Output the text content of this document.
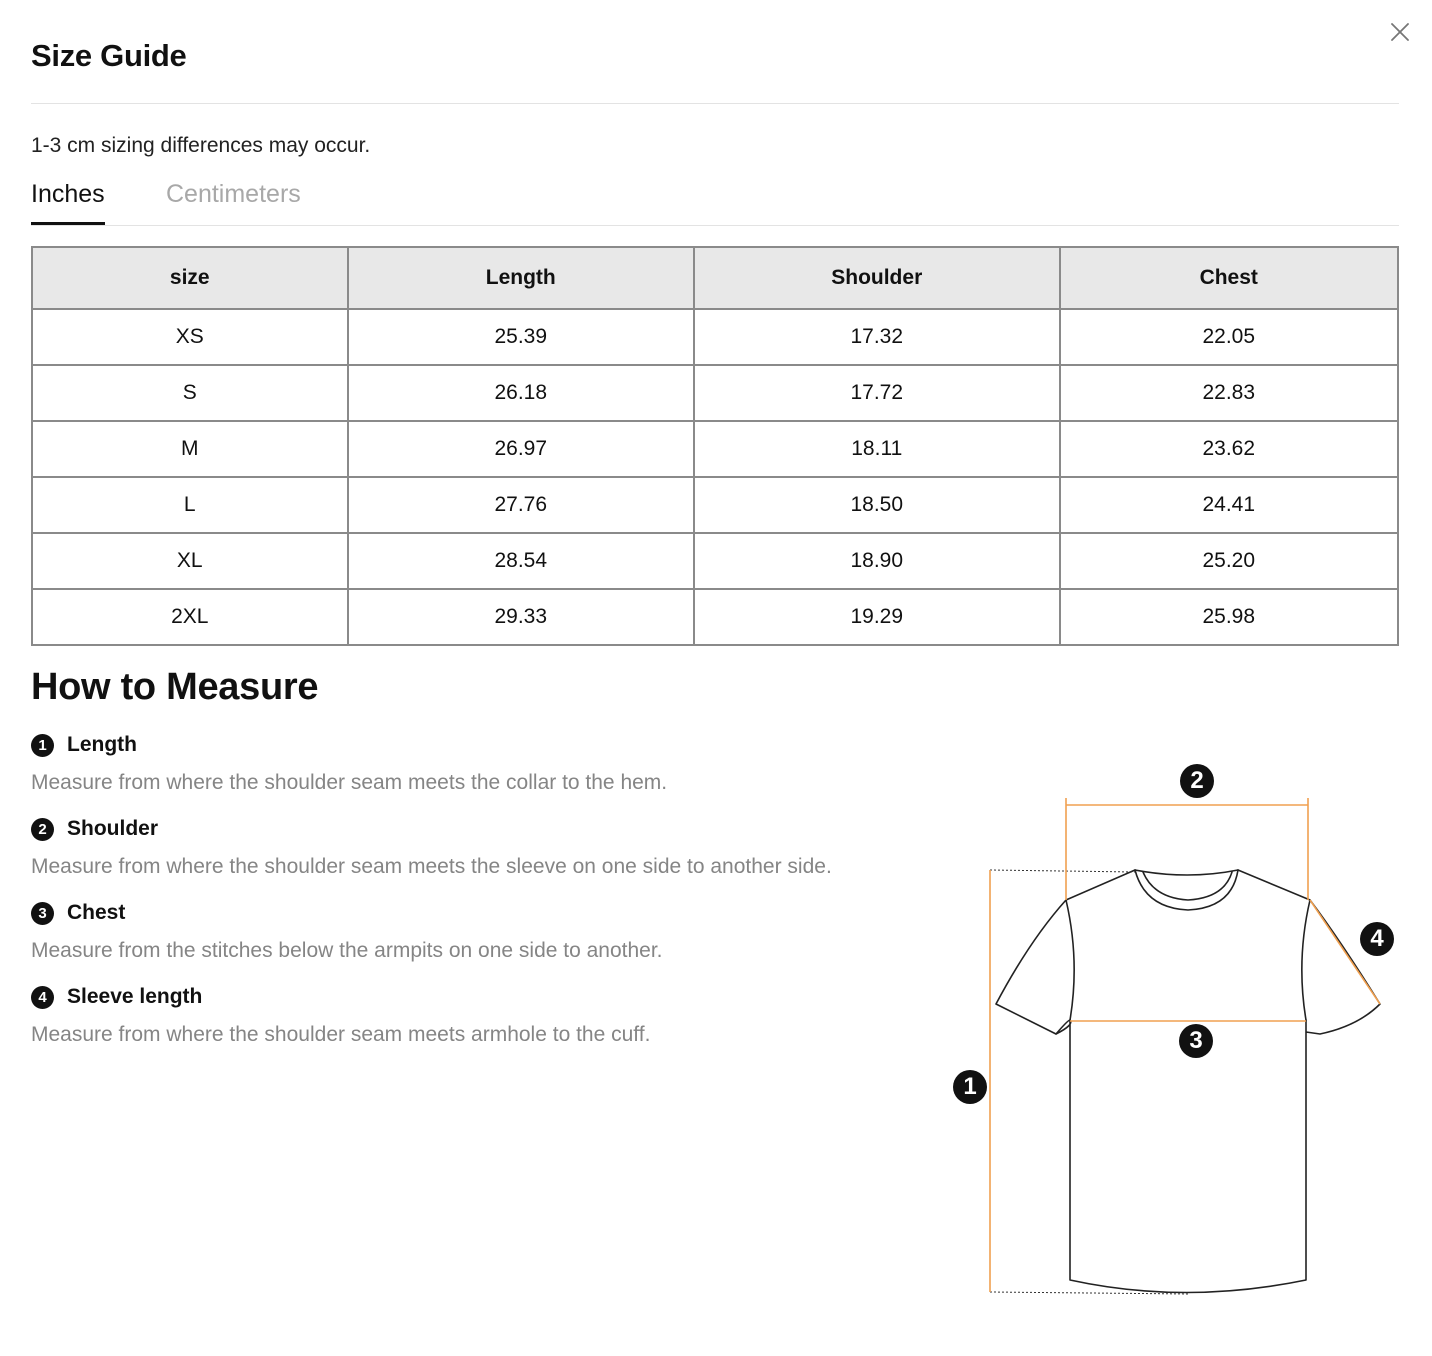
Size Guide
1-3 cm sizing differences may occur.
Inches Centimeters
size	Length	Shoulder	Chest
XS	25.39	17.32	22.05
S	26.18	17.72	22.83
M	26.97	18.11	23.62
L	27.76	18.50	24.41
XL	28.54	18.90	25.20
2XL	29.33	19.29	25.98
How to Measure
1 Length
Measure from where the shoulder seam meets the collar to the hem.
2 Shoulder
Measure from where the shoulder seam meets the sleeve on one side to another side.
3 Chest
Measure from the stitches below the armpits on one side to another.
4 Sleeve length
Measure from where the shoulder seam meets armhole to the cuff.
1
2
3
4
